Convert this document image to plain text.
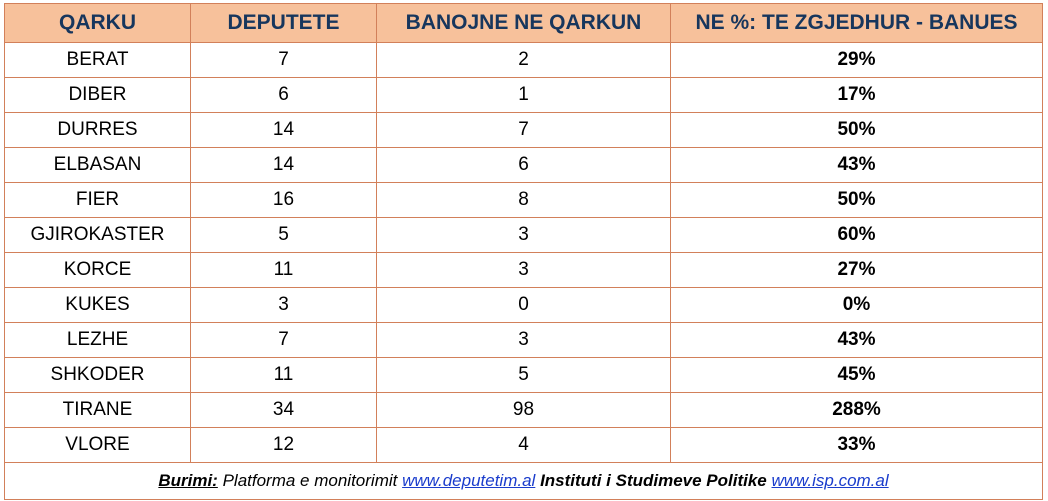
QARKU	DEPUTETE	BANOJNE NE QARKUN	NE %: TE ZGJEDHUR - BANUES
BERAT	7	2	29%
DIBER	6	1	17%
DURRES	14	7	50%
ELBASAN	14	6	43%
FIER	16	8	50%
GJIROKASTER	5	3	60%
KORCE	11	3	27%
KUKES	3	0	0%
LEZHE	7	3	43%
SHKODER	11	5	45%
TIRANE	34	98	288%
VLORE	12	4	33%
Burimi: Platforma e monitorimit www.deputetim.al Instituti i Studimeve Politike www.isp.com.al			
